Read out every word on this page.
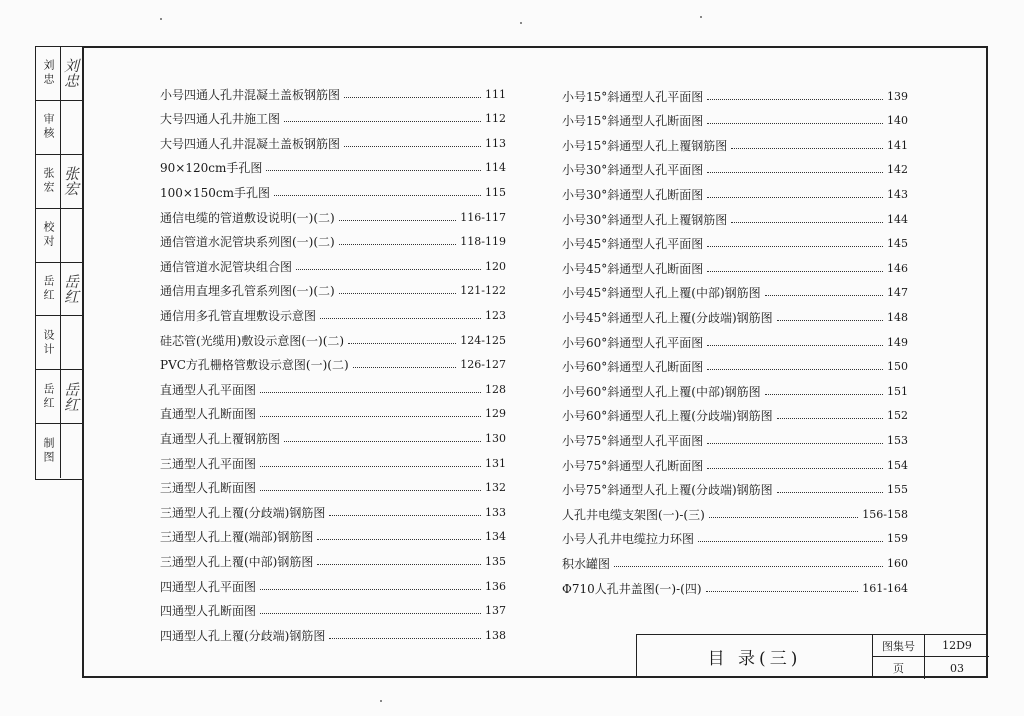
刘忠 刘忠
审核
张宏 张宏
校对
岳红 岳红
设计
岳红 岳红
制图
小号四通人孔井混凝土盖板钢筋图	111
大号四通人孔井施工图	112
大号四通人孔井混凝土盖板钢筋图	113
90×120cm手孔图	114
100×150cm手孔图	115
通信电缆的管道敷设说明(一)(二)	116-117
通信管道水泥管块系列图(一)(二)	118-119
通信管道水泥管块组合图	120
通信用直埋多孔管系列图(一)(二)	121-122
通信用多孔管直埋敷设示意图	123
硅芯管(光缆用)敷设示意图(一)(二)	124-125
PVC方孔栅格管敷设示意图(一)(二)	126-127
直通型人孔平面图	128
直通型人孔断面图	129
直通型人孔上覆钢筋图	130
三通型人孔平面图	131
三通型人孔断面图	132
三通型人孔上覆(分歧端)钢筋图	133
三通型人孔上覆(端部)钢筋图	134
三通型人孔上覆(中部)钢筋图	135
四通型人孔平面图	136
四通型人孔断面图	137
四通型人孔上覆(分歧端)钢筋图	138
小号15°斜通型人孔平面图	139
小号15°斜通型人孔断面图	140
小号15°斜通型人孔上覆钢筋图	141
小号30°斜通型人孔平面图	142
小号30°斜通型人孔断面图	143
小号30°斜通型人孔上覆钢筋图	144
小号45°斜通型人孔平面图	145
小号45°斜通型人孔断面图	146
小号45°斜通型人孔上覆(中部)钢筋图	147
小号45°斜通型人孔上覆(分歧端)钢筋图	148
小号60°斜通型人孔平面图	149
小号60°斜通型人孔断面图	150
小号60°斜通型人孔上覆(中部)钢筋图	151
小号60°斜通型人孔上覆(分歧端)钢筋图	152
小号75°斜通型人孔平面图	153
小号75°斜通型人孔断面图	154
小号75°斜通型人孔上覆(分歧端)钢筋图	155
人孔井电缆支架图(一)-(三)	156-158
小号人孔井电缆拉力环图	159
积水罐图	160
Φ710人孔井盖图(一)-(四)	161-164
目 录(三)
图集号	12D9
页	03
